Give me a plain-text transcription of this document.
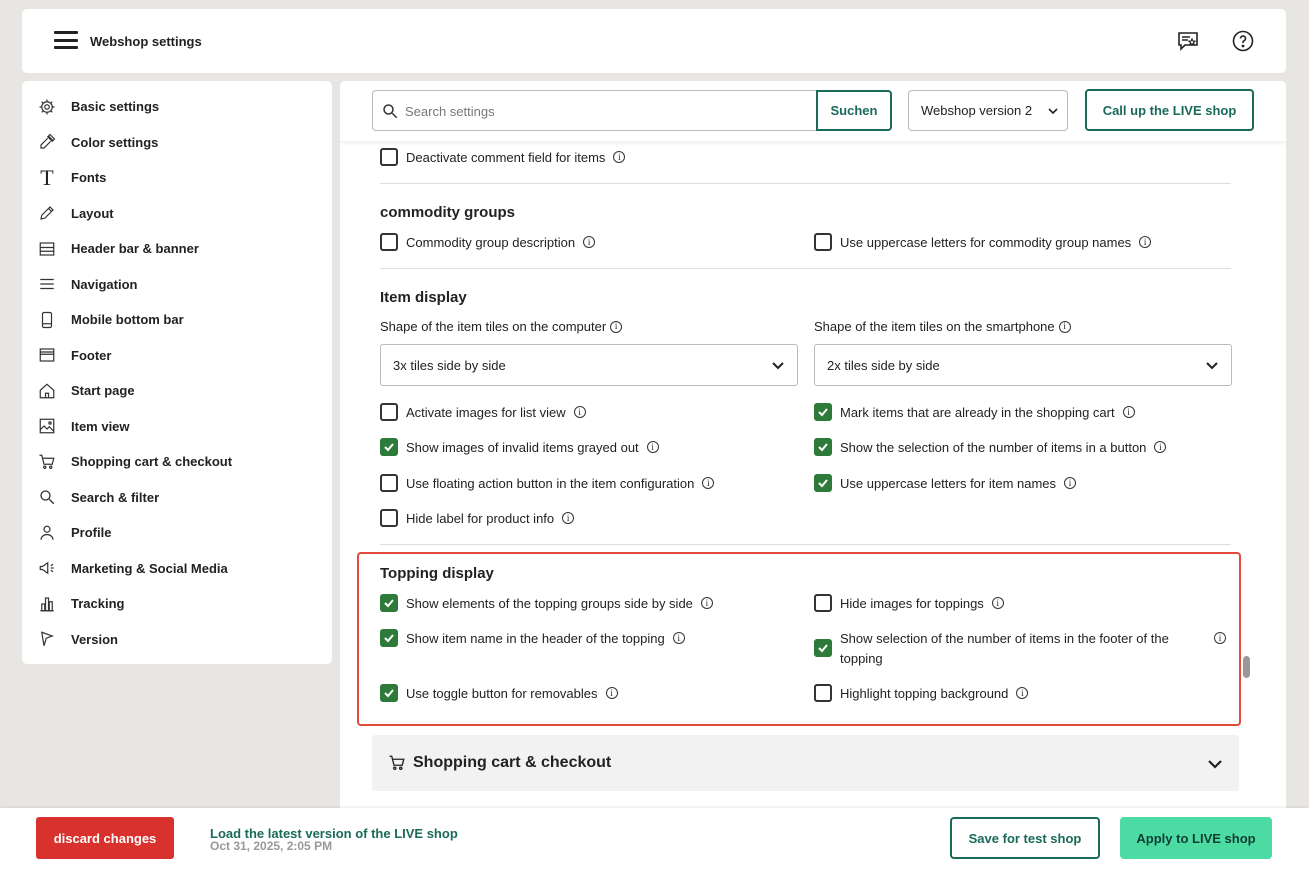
Webshop settings
Basic settings
Color settings
T Fonts
Layout
Header bar & banner
Navigation
Mobile bottom bar
Footer
Start page
Item view
Shopping cart & checkout
Search & filter
Profile
Marketing & Social Media
Tracking
Version
Search settings
Suchen	Webshop version 2	Call up the LIVE shop
Deactivate comment field for items	i
commodity groups
Commodity group description	i	Use uppercase letters for commodity group names	i
Item display
Shape of the item tiles on the computer i
3x tiles side by side
Shape of the item tiles on the smartphone i
2x tiles side by side
Activate images for list view	i	Mark items that are already in the shopping cart	i
Show images of invalid items grayed out	i	Show the selection of the number of items in a button	i
Use floating action button in the item configuration	i	Use uppercase letters for item names	i
Hide label for product info	i
Topping display
Show elements of the topping groups side by side	i	Hide images for toppings	i
Show item name in the header of the topping	i	Show selection of the number of items in the footer of the
topping
i
Use toggle button for removables	i	Highlight topping background	i
Shopping cart & checkout
discard changes	Load the latest version of the LIVE shop
Oct 31, 2025, 2:05 PM
Save for test shop	Apply to LIVE shop
